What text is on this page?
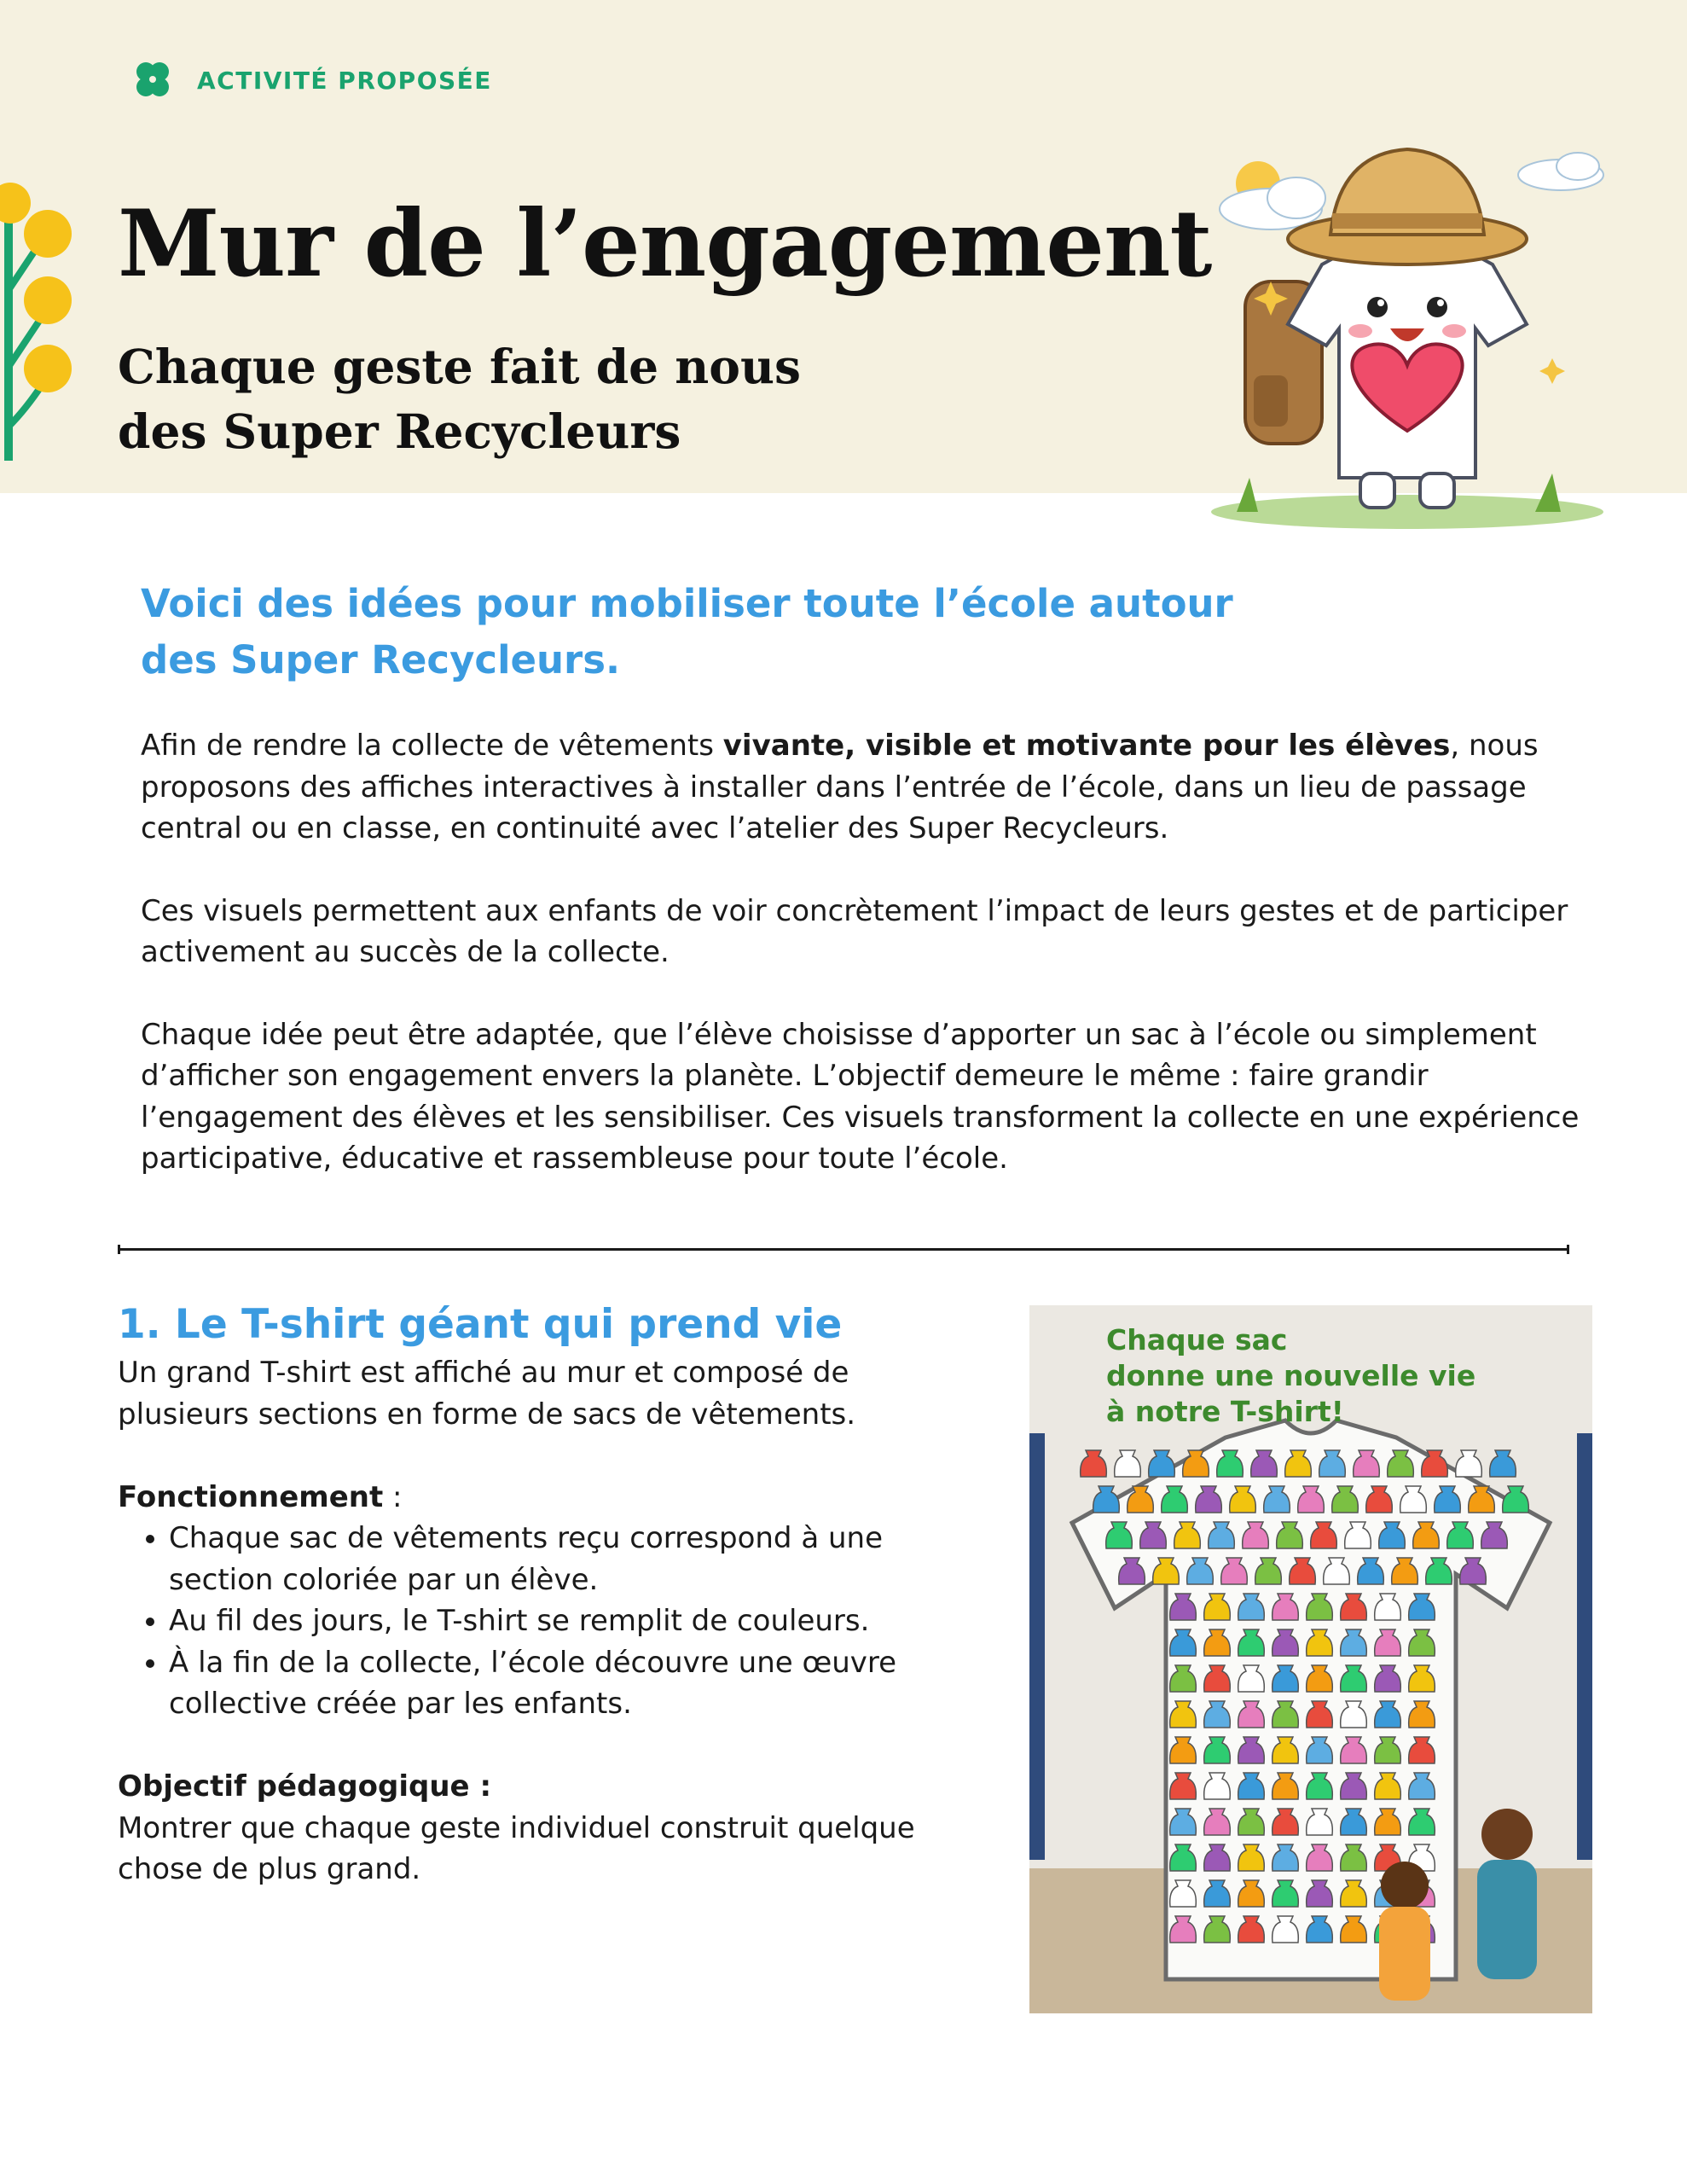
ACTIVITÉ PROPOSÉE
Mur de l’engagement
Chaque geste fait de nous
des Super Recycleurs
Voici des idées pour mobiliser toute l’école autour
des Super Recycleurs.

Afin de rendre la collecte de vêtements vivante, visible et motivante pour les élèves, nous proposons des affiches interactives à installer dans l’entrée de l’école, dans un lieu de passage central ou en classe, en continuité avec l’atelier des Super Recycleurs.

Ces visuels permettent aux enfants de voir concrètement l’impact de leurs gestes et de participer activement au succès de la collecte.

Chaque idée peut être adaptée, que l’élève choisisse d’apporter un sac à l’école ou simplement d’afficher son engagement envers la planète. L’objectif demeure le même : faire grandir l’engagement des élèves et les sensibiliser. Ces visuels transforment la collecte en une expérience participative, éducative et rassembleuse pour toute l’école.

1. Le T-shirt géant qui prend vie

Un grand T-shirt est affiché au mur et composé de plusieurs sections en forme de sacs de vêtements.

Fonctionnement :

• Chaque sac de vêtements reçu correspond à une section coloriée par un élève.
• Au fil des jours, le T-shirt se remplit de couleurs.
• À la fin de la collecte, l’école découvre une œuvre collective créée par les enfants.

Objectif pédagogique :

Montrer que chaque geste individuel construit quelque chose de plus grand.

Chaque sac
donne une nouvelle vie
à notre T-shirt!
